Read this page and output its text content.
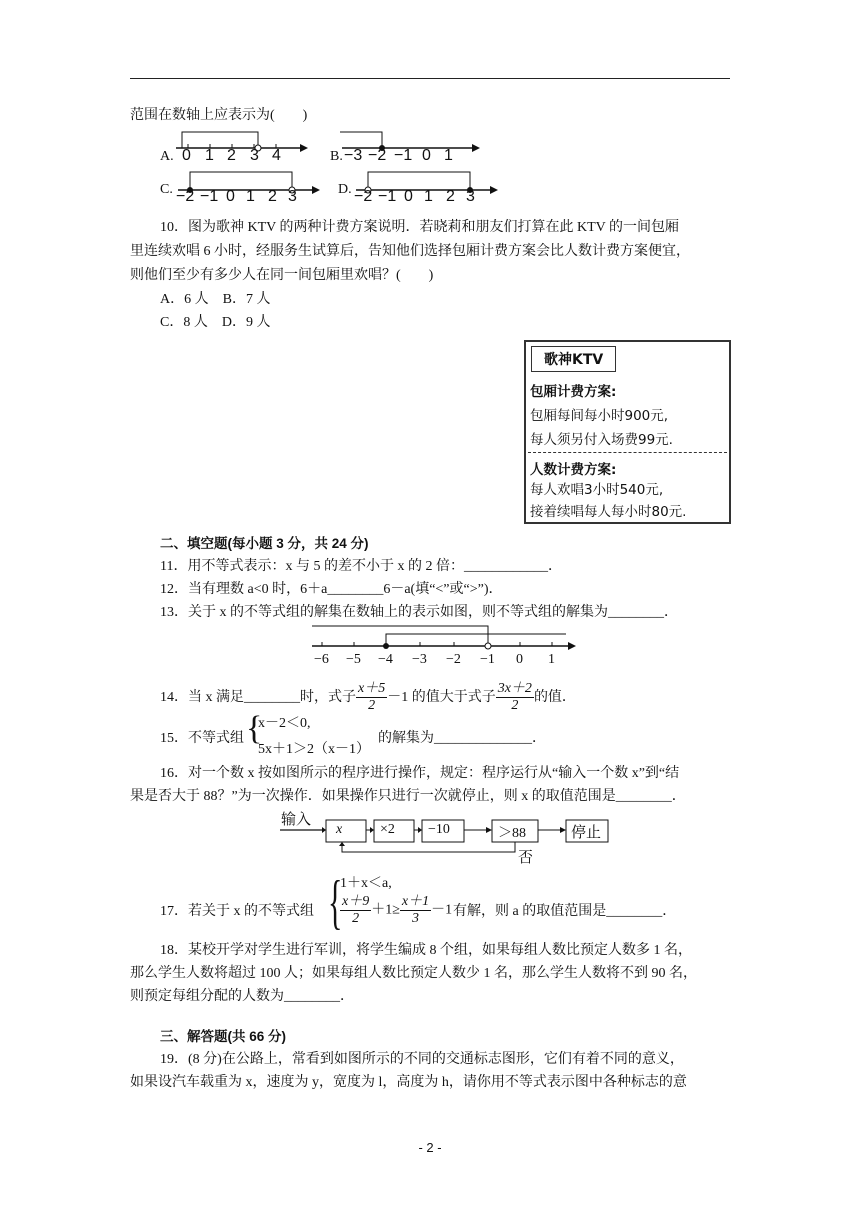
范围在数轴上应表示为(　　)
A. 0 1 2 3 4	B. −3 −2 −1 0 1
C. −2 −1 0 1 2 3	D. −2 −1 0 1 2 3
10．图为歌神 KTV 的两种计费方案说明．若晓莉和朋友们打算在此 KTV 的一间包厢
里连续欢唱 6 小时，经服务生试算后，告知他们选择包厢计费方案会比人数计费方案便宜，
则他们至少有多少人在同一间包厢里欢唱？(　　)
A．6 人　B．7 人
C．8 人　D．9 人
歌神KTV
包厢计费方案:
包厢每间每小时900元,
每人须另付入场费99元.
人数计费方案:
每人欢唱3小时540元,
接着续唱每人每小时80元.
二、填空题(每小题 3 分，共 24 分)
11．用不等式表示：x 与 5 的差不小于 x 的 2 倍：____________．
12．当有理数 a<0 时，6＋a________6－a(填“<”或“>”)．
13．关于 x 的不等式组的解集在数轴上的表示如图，则不等式组的解集为________．
−6 −5 −4 −3 −2 −1 0 1
14．当 x 满足________时，式子 $\frac{x+5}{2} -1$ 的值大于式子 $\frac{3x+2}{2}$ 的值．
15．不等式组 {
x－2＜0,
5x＋1＞2（x－1）
的解集为______________．
16．对一个数 x 按如图所示的程序进行操作，规定：程序运行从“输入一个数 x”到“结
果是否大于 88？”为一次操作．如果操作只进行一次就停止，则 x 的取值范围是________．
输入
x	×2 −10	＞88	停止
否
17．若关于 x 的不等式组 {
1＋x＜a,
$\frac{x+9}{2} +1\ge \frac{x+1}{3} -1$ 有解，则 a 的取值范围是________．
18．某校开学对学生进行军训，将学生编成 8 个组，如果每组人数比预定人数多 1 名，
那么学生人数将超过 100 人；如果每组人数比预定人数少 1 名，那么学生人数将不到 90 名，
则预定每组分配的人数为________．
三、解答题(共 66 分)
19．(8 分)在公路上，常看到如图所示的不同的交通标志图形，它们有着不同的意义，
如果设汽车载重为 x，速度为 y，宽度为 l，高度为 h，请你用不等式表示图中各种标志的意
- 2 -
